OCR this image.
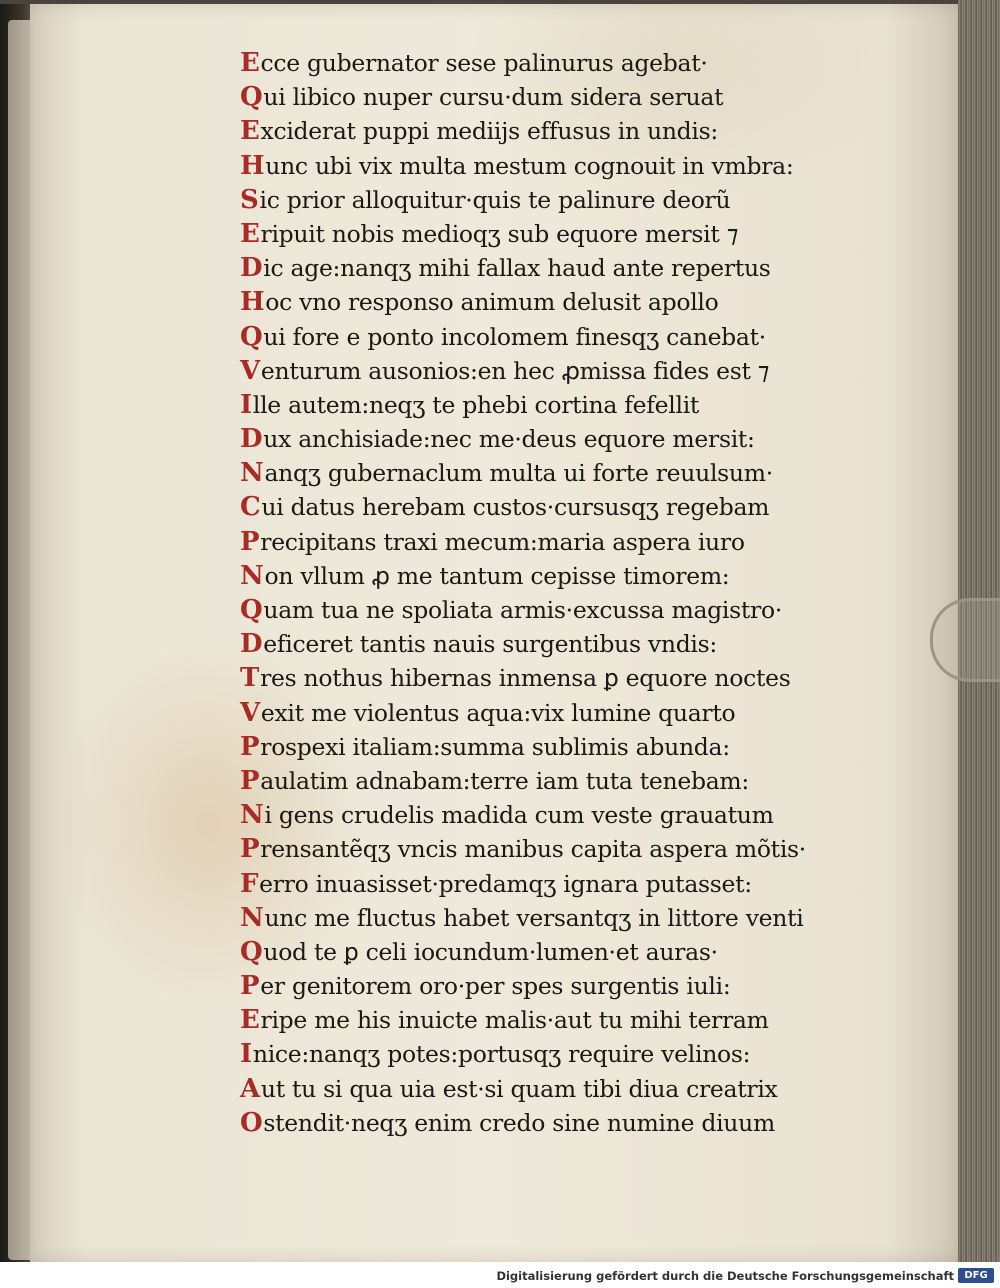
Ecce gubernator sese palinurus agebat·
Qui libico nuper cursu·dum sidera seruat
Exciderat puppi mediijs effusus in undis:
Hunc ubi vix multa mestum cognouit in vmbra:
Sic prior alloquitur·quis te palinure deorũ
Eripuit nobis medioqʒ sub equore mersit ⁊
Dic age:nanqʒ mihi fallax haud ante repertus
Hoc vno responso animum delusit apollo
Qui fore e ponto incolomem finesqʒ canebat·
Venturum ausonios:en hec ꝓmissa fides est ⁊
Ille autem:neqʒ te phebi cortina fefellit
Dux anchisiade:nec me·deus equore mersit:
Nanqʒ gubernaclum multa ui forte reuulsum·
Cui datus herebam custos·cursusqʒ regebam
Precipitans traxi mecum:maria aspera iuro
Non vllum ꝓ me tantum cepisse timorem:
Quam tua ne spoliata armis·excussa magistro·
Deficeret tantis nauis surgentibus vndis:
Tres nothus hibernas inmensa ꝑ equore noctes
Vexit me violentus aqua:vix lumine quarto
Prospexi italiam:summa sublimis abunda:
Paulatim adnabam:terre iam tuta tenebam:
Ni gens crudelis madida cum veste grauatum
Prensantẽqʒ vncis manibus capita aspera mõtis·
Ferro inuasisset·predamqʒ ignara putasset:
Nunc me fluctus habet versantqʒ in littore venti
Quod te ꝑ celi iocundum·lumen·et auras·
Per genitorem oro·per spes surgentis iuli:
Eripe me his inuicte malis·aut tu mihi terram
Inice:nanqʒ potes:portusqʒ require velinos:
Aut tu si qua uia est·si quam tibi diua creatrix
Ostendit·neqʒ enim credo sine numine diuum
Digitalisierung gefördert durch die Deutsche Forschungsgemeinschaft	DFG
